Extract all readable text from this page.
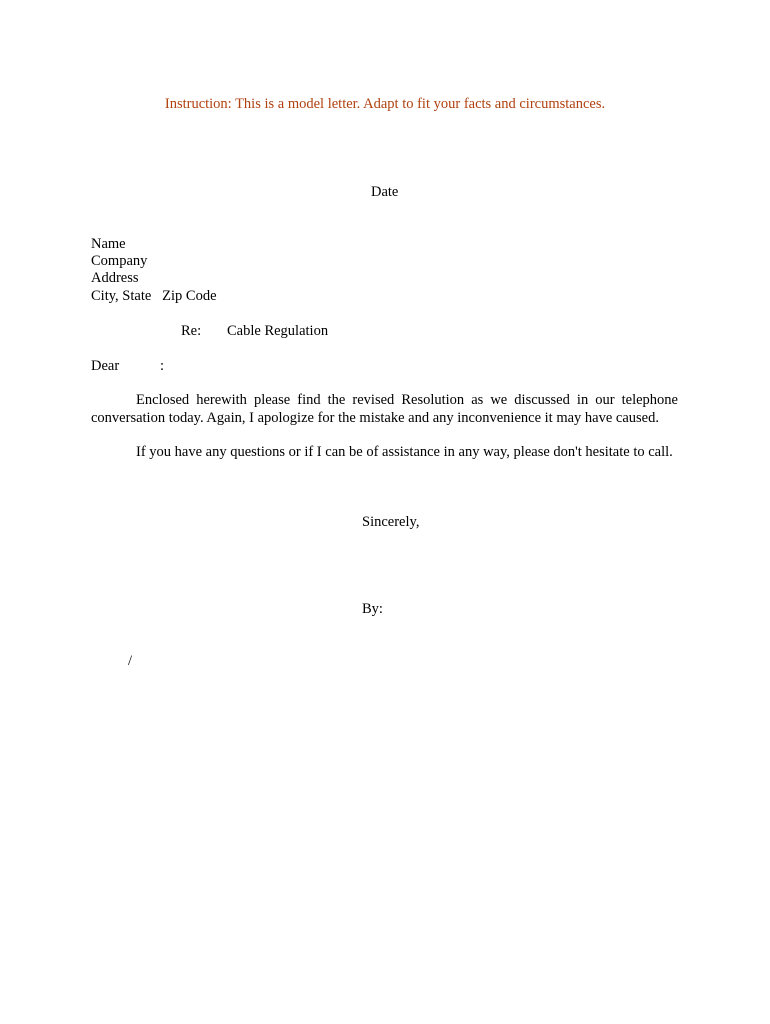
Instruction: This is a model letter. Adapt to fit your facts and circumstances.
Date
Name
Company
Address
City, State   Zip Code
Re: Cable Regulation
Dear	:
Enclosed herewith please find the revised Resolution as we discussed in our telephone conversation today. Again, I apologize for the mistake and any inconvenience it may have caused.
If you have any questions or if I can be of assistance in any way, please don't hesitate to call.
Sincerely,
By:
/
